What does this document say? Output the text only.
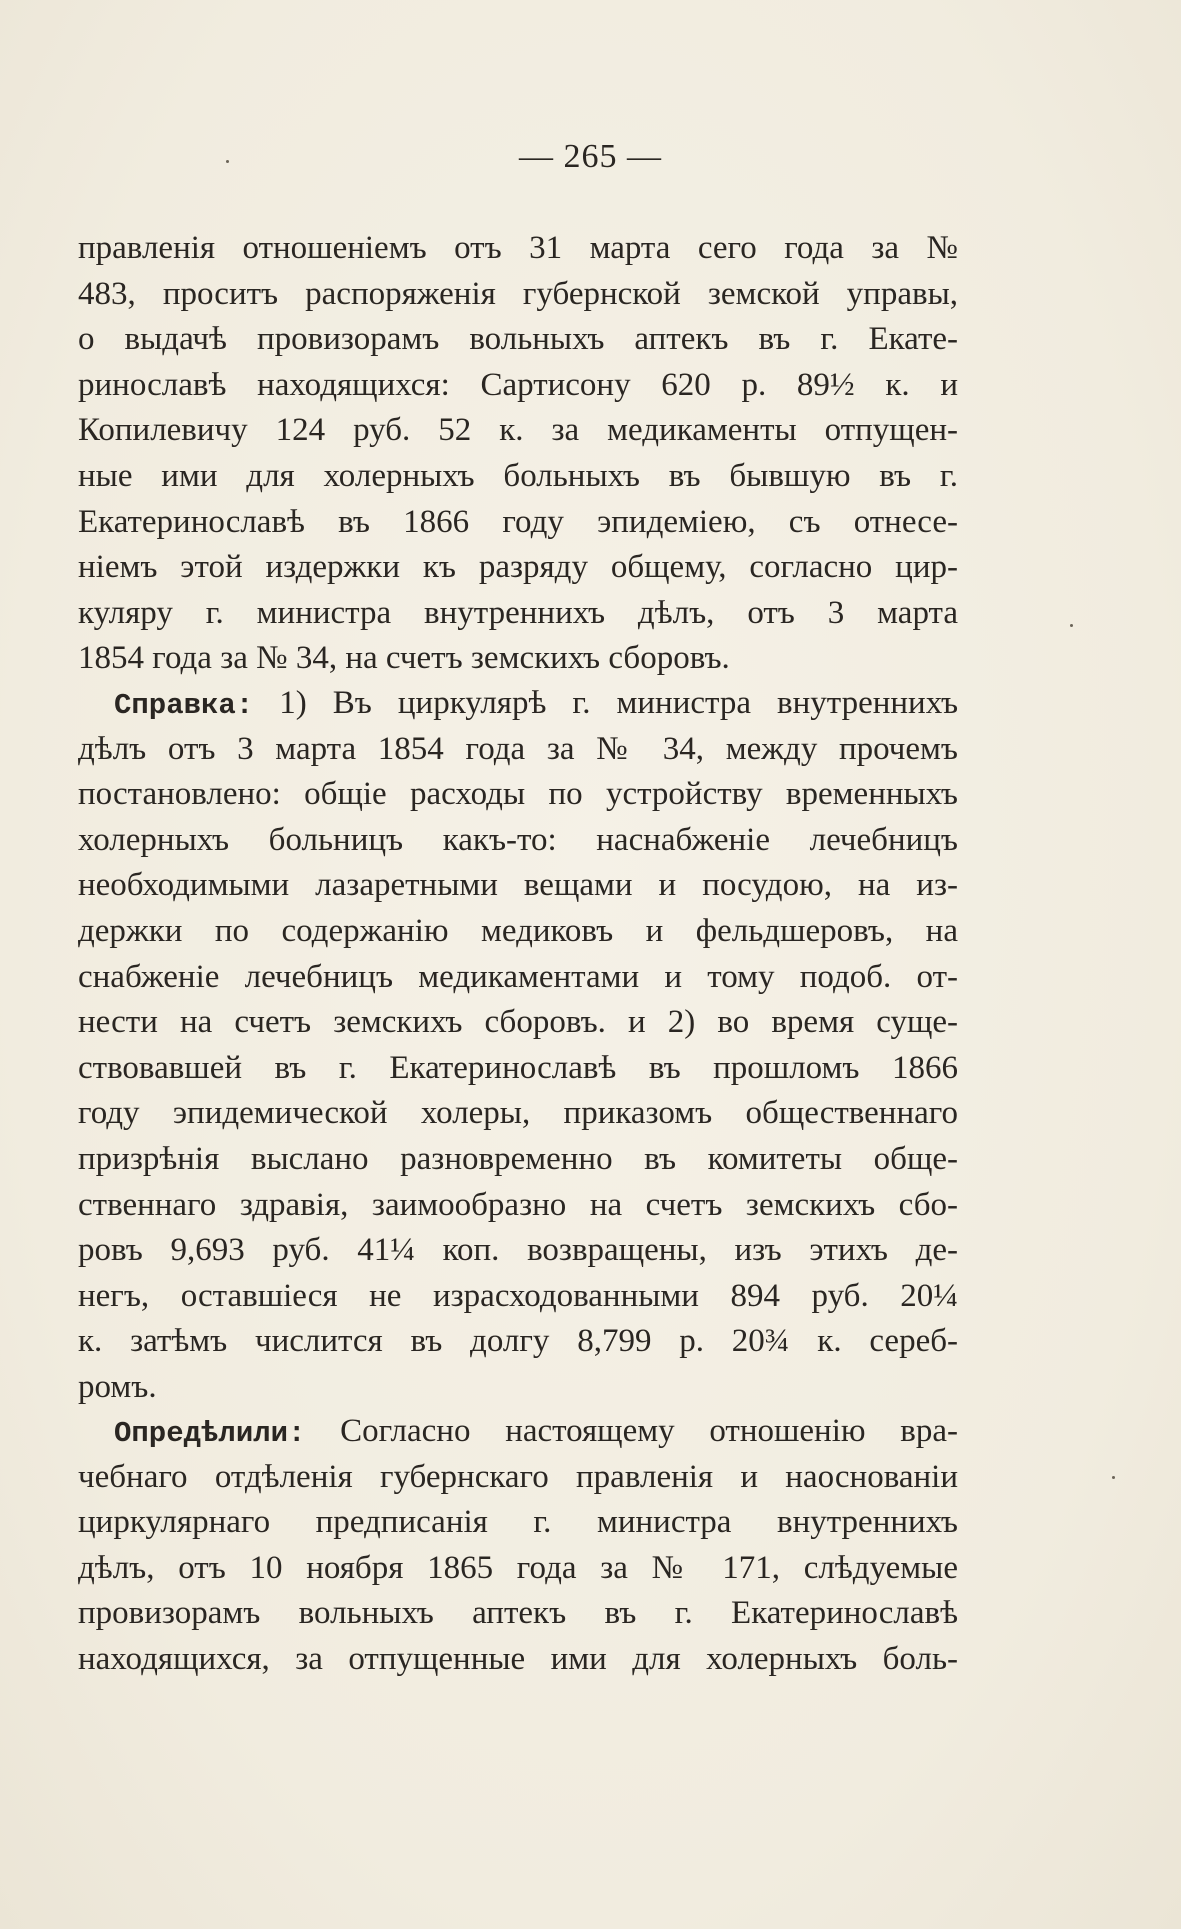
— 265 —
правленія отношеніемъ отъ 31 марта сего года за №
483, проситъ распоряженія губернской земской управы,
о выдачѣ провизорамъ вольныхъ аптекъ въ г. Екате-
ринославѣ находящихся: Сартисону 620 р. 89½ к. и
Копилевичу 124 руб. 52 к. за медикаменты отпущен-
ные ими для холерныхъ больныхъ въ бывшую въ г.
Екатеринославѣ въ 1866 году эпидеміею, съ отнесе-
ніемъ этой издержки къ разряду общему, согласно цир-
куляру г. министра внутреннихъ дѣлъ, отъ 3 марта
1854 года за № 34, на счетъ земскихъ сборовъ.
Справка: 1) Въ циркулярѣ г. министра внутреннихъ
дѣлъ отъ 3 марта 1854 года за № 34, между прочемъ
постановлено: общіе расходы по устройству временныхъ
холерныхъ больницъ какъ-то: наснабженіе лечебницъ
необходимыми лазаретными вещами и посудою, на из-
держки по содержанію медиковъ и фельдшеровъ, на
снабженіе лечебницъ медикаментами и тому подоб. от-
нести на счетъ земскихъ сборовъ. и 2) во время суще-
ствовавшей въ г. Екатеринославѣ въ прошломъ 1866
году эпидемической холеры, приказомъ общественнаго
призрѣнія выслано разновременно въ комитеты обще-
ственнаго здравія, заимообразно на счетъ земскихъ сбо-
ровъ 9,693 руб. 41¼ коп. возвращены, изъ этихъ де-
негъ, оставшіеся не израсходованными 894 руб. 20¼
к. затѣмъ числится въ долгу 8,799 р. 20¾ к. сереб-
ромъ.
Опредѣлили: Согласно настоящему отношенію вра-
чебнаго отдѣленія губернскаго правленія и наоснованіи
циркулярнаго предписанія г. министра внутреннихъ
дѣлъ, отъ 10 ноября 1865 года за № 171, слѣдуемые
провизорамъ вольныхъ аптекъ въ г. Екатеринославѣ
находящихся, за отпущенные ими для холерныхъ боль-
